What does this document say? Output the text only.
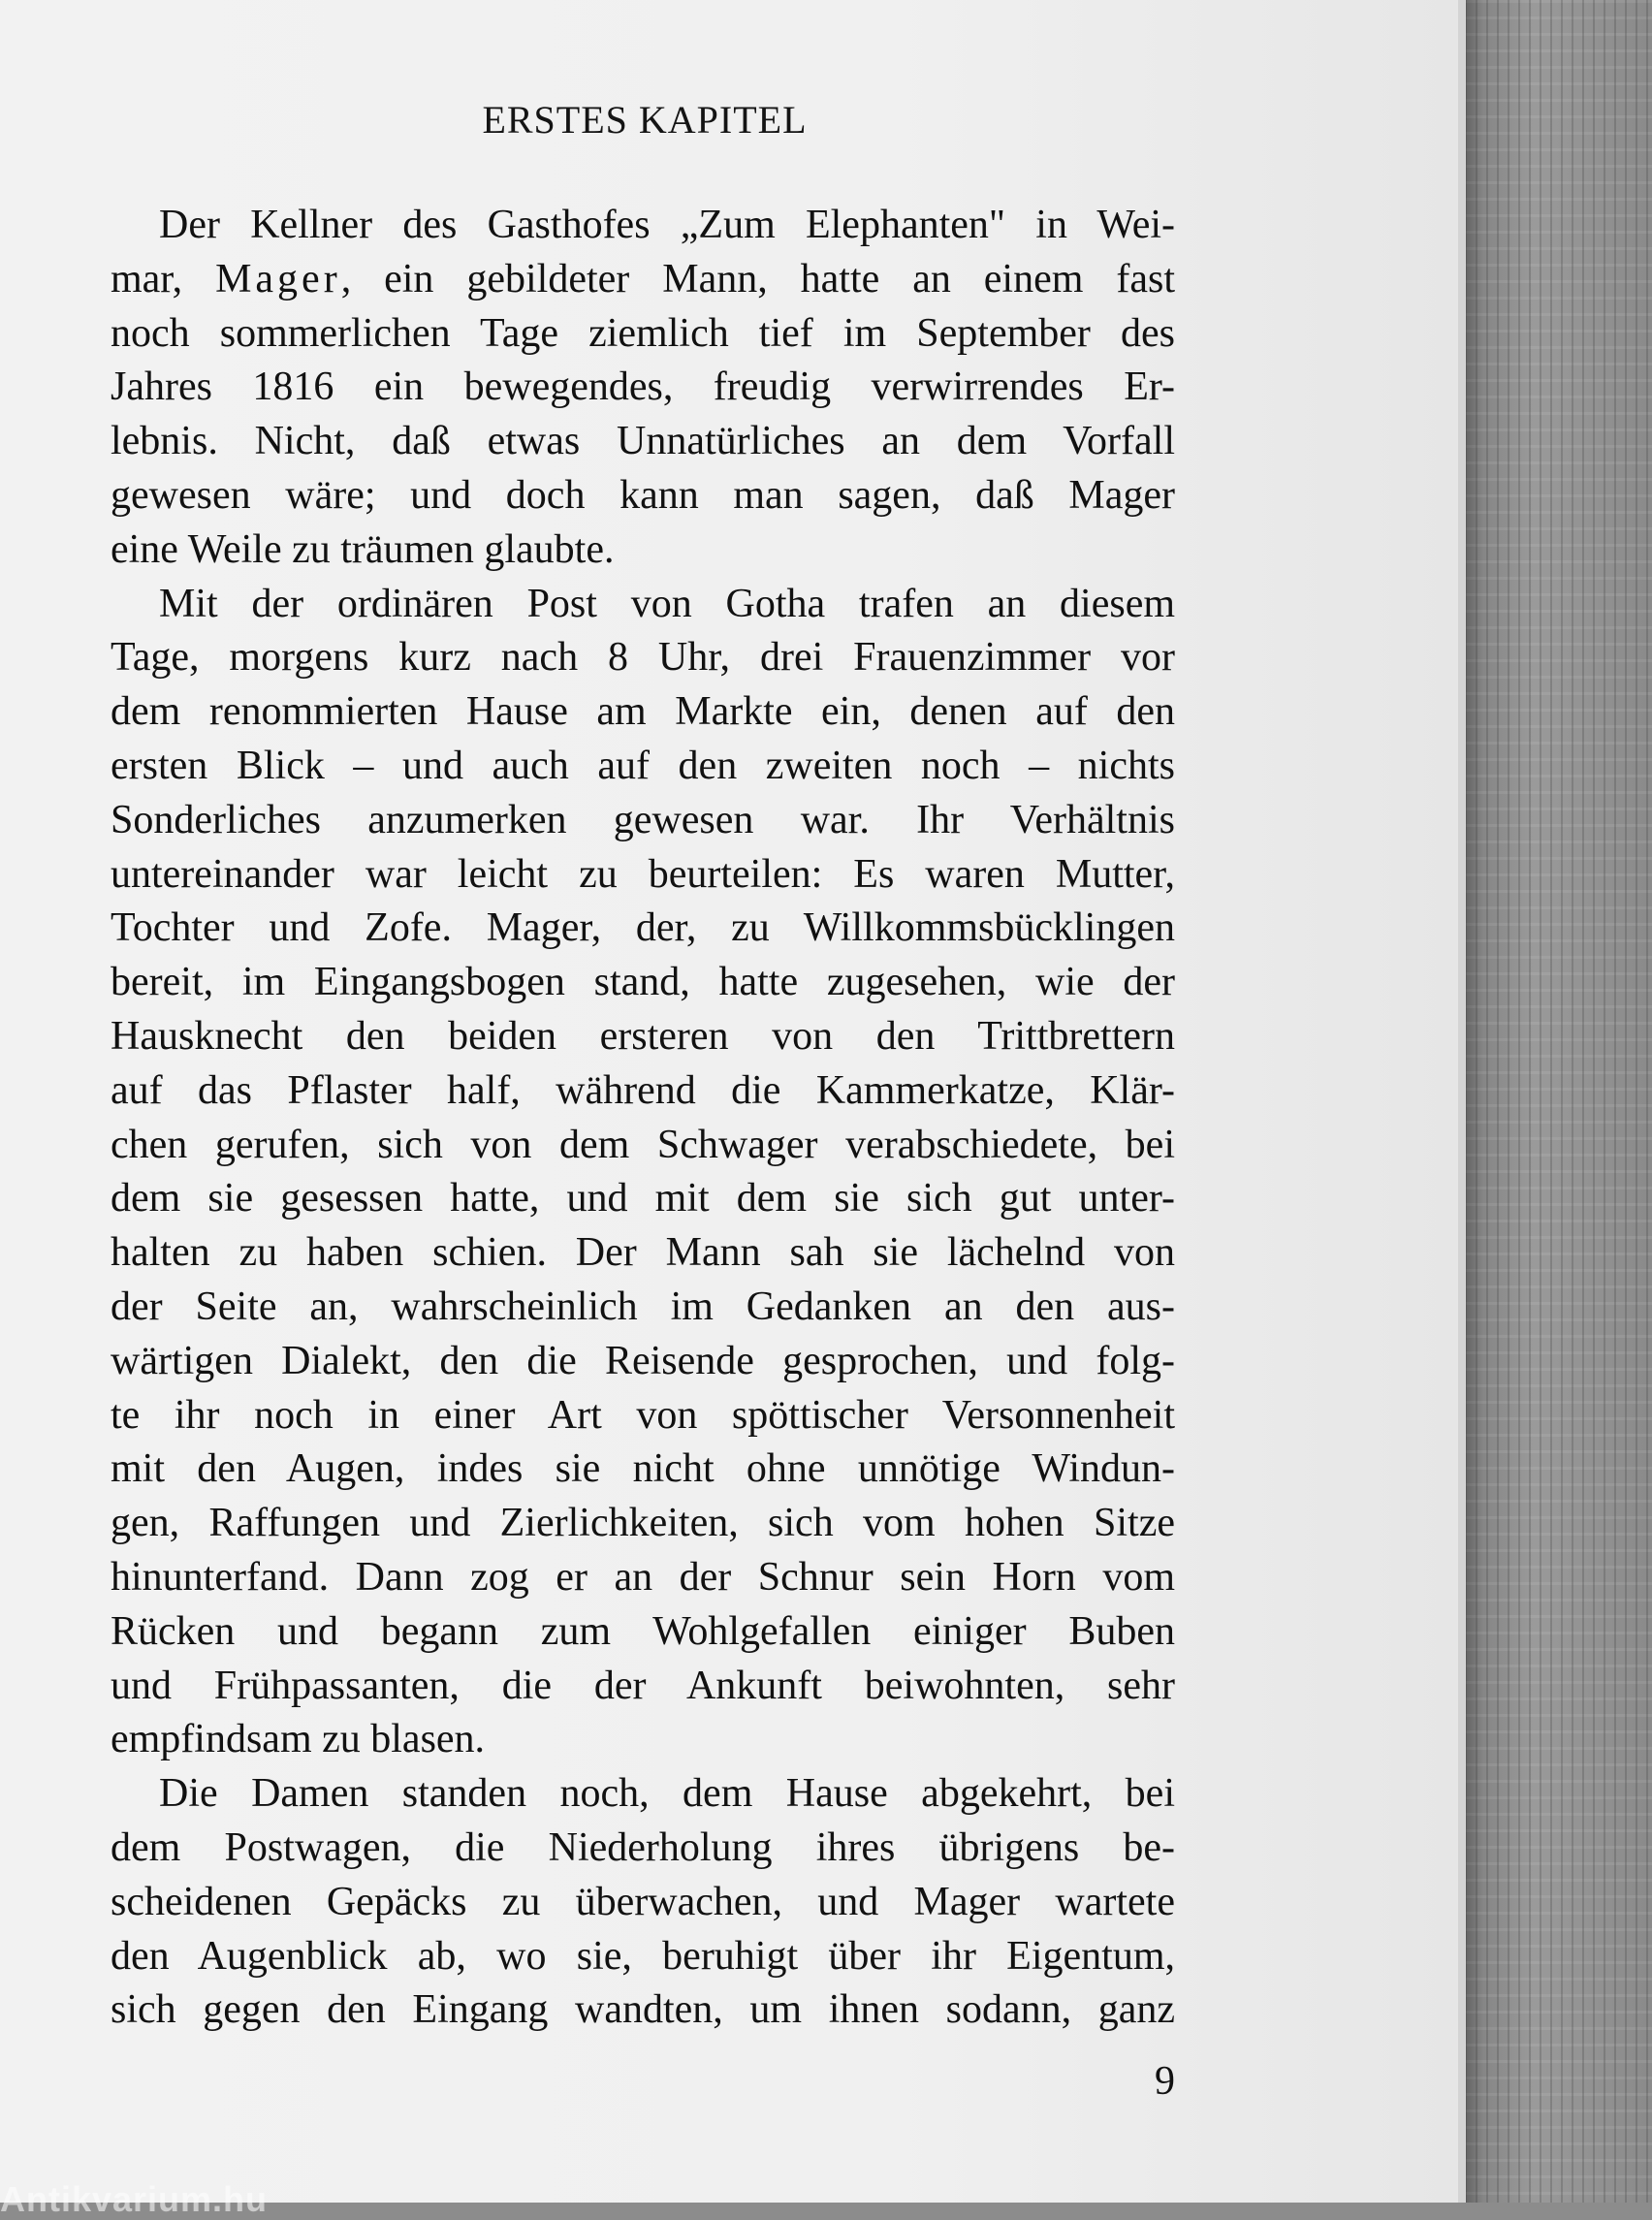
ERSTES KAPITEL

Der Kellner des Gasthofes „Zum Elephanten" in Wei-
mar, Mager, ein gebildeter Mann, hatte an einem fast
noch sommerlichen Tage ziemlich tief im September des
Jahres 1816 ein bewegendes, freudig verwirrendes Er-
lebnis. Nicht, daß etwas Unnatürliches an dem Vorfall
gewesen wäre; und doch kann man sagen, daß Mager
eine Weile zu träumen glaubte.

Mit der ordinären Post von Gotha trafen an diesem
Tage, morgens kurz nach 8 Uhr, drei Frauenzimmer vor
dem renommierten Hause am Markte ein, denen auf den
ersten Blick – und auch auf den zweiten noch – nichts
Sonderliches anzumerken gewesen war. Ihr Verhältnis
untereinander war leicht zu beurteilen: Es waren Mutter,
Tochter und Zofe. Mager, der, zu Willkommsbücklingen
bereit, im Eingangsbogen stand, hatte zugesehen, wie der
Hausknecht den beiden ersteren von den Trittbrettern
auf das Pflaster half, während die Kammerkatze, Klär-
chen gerufen, sich von dem Schwager verabschiedete, bei
dem sie gesessen hatte, und mit dem sie sich gut unter-
halten zu haben schien. Der Mann sah sie lächelnd von
der Seite an, wahrscheinlich im Gedanken an den aus-
wärtigen Dialekt, den die Reisende gesprochen, und folg-
te ihr noch in einer Art von spöttischer Versonnenheit
mit den Augen, indes sie nicht ohne unnötige Windun-
gen, Raffungen und Zierlichkeiten, sich vom hohen Sitze
hinunterfand. Dann zog er an der Schnur sein Horn vom
Rücken und begann zum Wohlgefallen einiger Buben
und Frühpassanten, die der Ankunft beiwohnten, sehr
empfindsam zu blasen.

Die Damen standen noch, dem Hause abgekehrt, bei
dem Postwagen, die Niederholung ihres übrigens be-
scheidenen Gepäcks zu überwachen, und Mager wartete
den Augenblick ab, wo sie, beruhigt über ihr Eigentum,
sich gegen den Eingang wandten, um ihnen sodann, ganz

9
Antikvarium.hu
